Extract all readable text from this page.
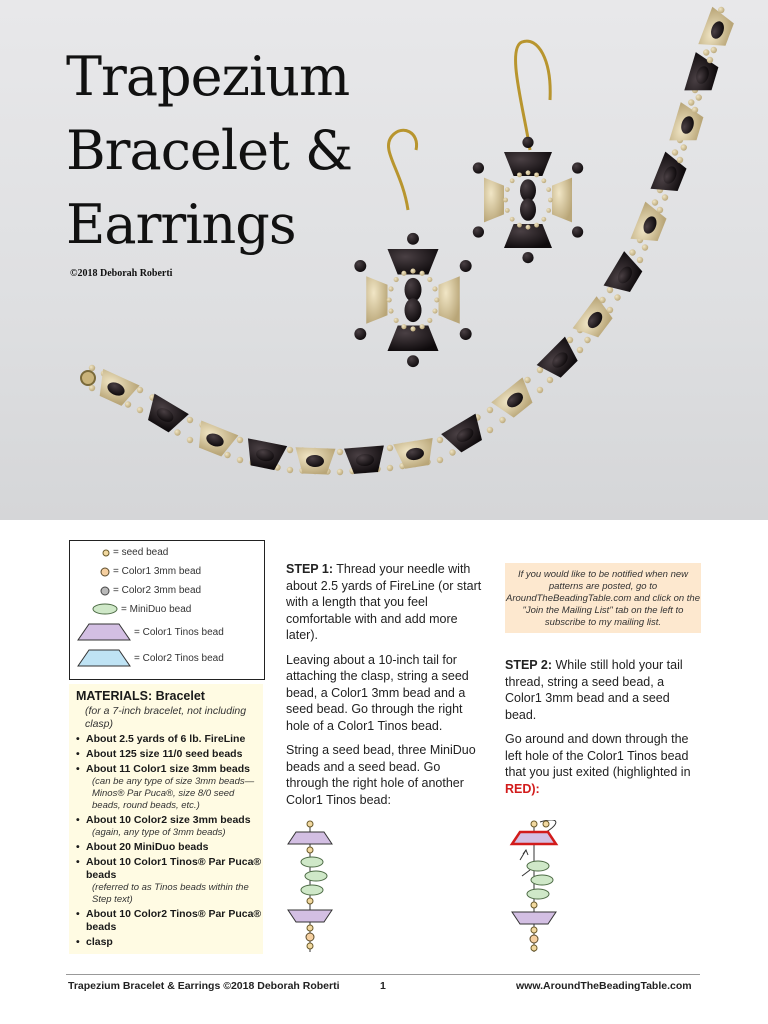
Trapezium
Bracelet &
Earrings
©2018 Deborah Roberti
= seed bead
= Color1 3mm bead
= Color2 3mm bead
= MiniDuo bead
= Color1 Tinos bead
= Color2 Tinos bead
MATERIALS: Bracelet
(for a 7-inch bracelet, not including clasp)
• About 2.5 yards of 6 lb. FireLine
• About 125 size 11/0 seed beads
• About 11 Color1 size 3mm beads
(can be any type of size 3mm beads—Minos® Par Puca®, size 8/0 seed beads, round beads, etc.)
• About 10 Color2 size 3mm beads
(again, any type of 3mm beads)
• About 20 MiniDuo beads
• About 10 Color1 Tinos® Par Puca® beads
(referred to as Tinos beads within the Step text)
• About 10 Color2 Tinos® Par Puca® beads
• clasp

STEP 1: Thread your needle with about 2.5 yards of FireLine (or start with a length that you feel comfortable with and add more later).

Leaving about a 10-inch tail for attaching the clasp, string a seed bead, a Color1 3mm bead and a seed bead. Go through the right hole of a Color1 Tinos bead.

String a seed bead, three MiniDuo beads and a seed bead. Go through the right hole of another Color1 Tinos bead:

If you would like to be notified when new patterns are posted, go to AroundTheBeadingTable.com and click on the "Join the Mailing List" tab on the left to subscribe to my mailing list.

STEP 2: While still hold your tail thread, string a seed bead, a Color1 3mm bead and a seed bead.

Go around and down through the left hole of the Color1 Tinos bead that you just exited (highlighted in RED):

Trapezium Bracelet & Earrings ©2018 Deborah Roberti	1	www.AroundTheBeadingTable.com
